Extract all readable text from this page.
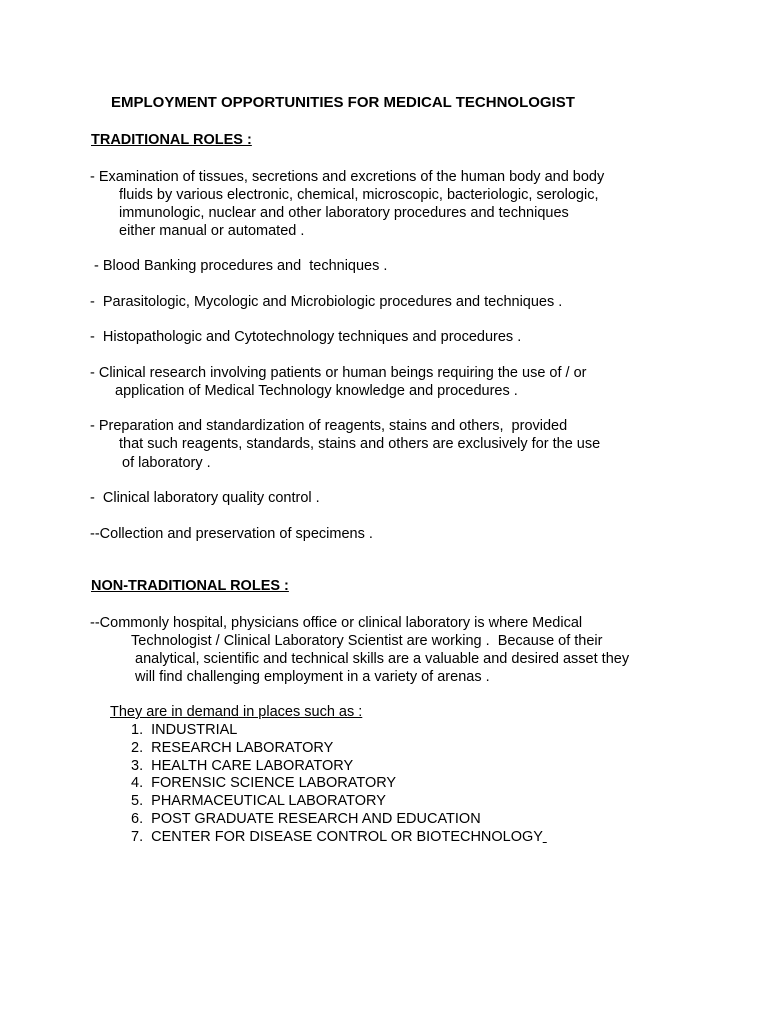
EMPLOYMENT OPPORTUNITIES FOR MEDICAL TECHNOLOGIST

TRADITIONAL ROLES :

- Examination of tissues, secretions and excretions of the human body and body

fluids by various electronic, chemical, microscopic, bacteriologic, serologic,

immunologic, nuclear and other laboratory procedures and techniques

either manual or automated .

- Blood Banking procedures and  techniques .

-  Parasitologic, Mycologic and Microbiologic procedures and techniques .

-  Histopathologic and Cytotechnology techniques and procedures .

- Clinical research involving patients or human beings requiring the use of / or

application of Medical Technology knowledge and procedures .

- Preparation and standardization of reagents, stains and others,  provided

that such reagents, standards, stains and others are exclusively for the use

of laboratory .

-  Clinical laboratory quality control .

--Collection and preservation of specimens .

NON-TRADITIONAL ROLES :

--Commonly hospital, physicians office or clinical laboratory is where Medical

Technologist / Clinical Laboratory Scientist are working .  Because of their

analytical, scientific and technical skills are a valuable and desired asset they

will find challenging employment in a variety of arenas .

They are in demand in places such as :

1. INDUSTRIAL

2. RESEARCH LABORATORY

3. HEALTH CARE LABORATORY

4. FORENSIC SCIENCE LABORATORY

5. PHARMACEUTICAL LABORATORY

6. POST GRADUATE RESEARCH AND EDUCATION

7. CENTER FOR DISEASE CONTROL OR BIOTECHNOLOGY
